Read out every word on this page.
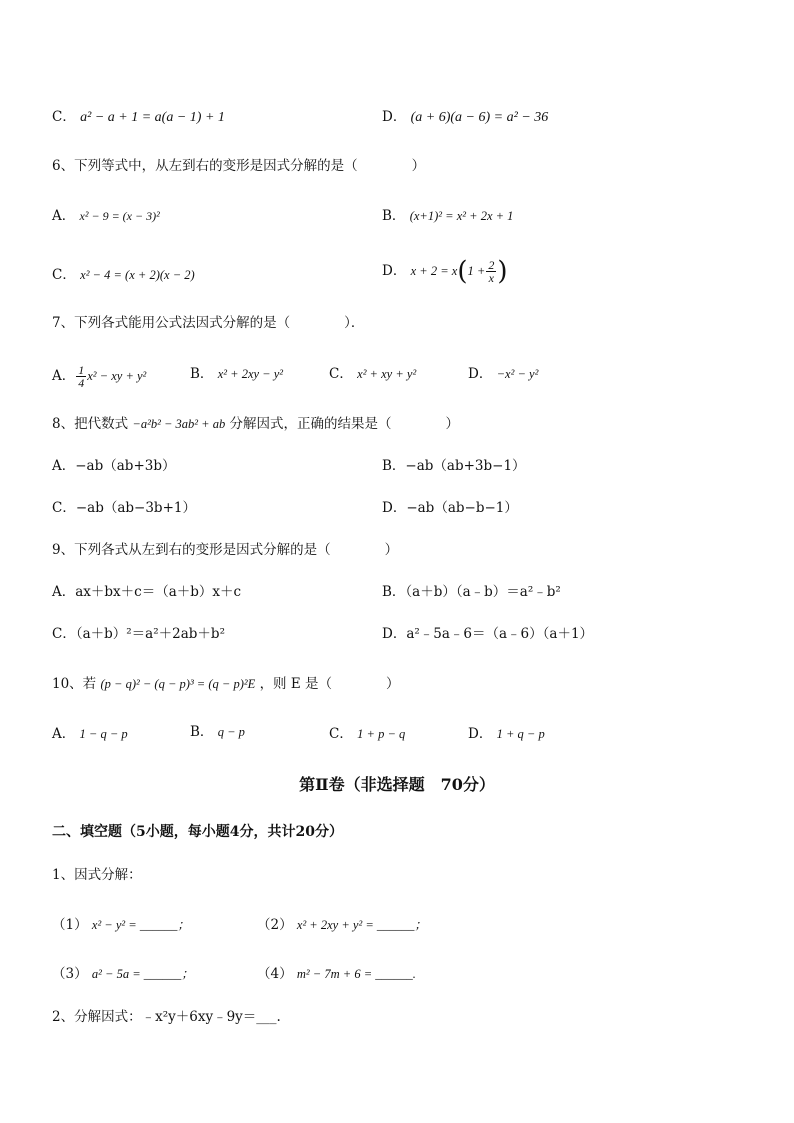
C． a² − a + 1 = a(a − 1) + 1	D． (a + 6)(a − 6) = a² − 36
6、下列等式中，从左到右的变形是因式分解的是（　　　　）
A． x² − 9 = (x − 3)²	B． (x+1)² = x² + 2x + 1
C． x² − 4 = (x + 2)(x − 2)	D． $x + 2 = x(1 + \frac{2}{x}$ )
7、下列各式能用公式法因式分解的是（　　　　）．
A． $\frac{1}{4} x^2$ − xy + y²	B． x² + 2xy − y²	C． x² + xy + y²	D． −x² − y²
8、把代数式 −a²b² − 3ab² + ab 分解因式，正确的结果是（　　　　）
A．−ab（ab+3b）	B．−ab（ab+3b−1）
C．−ab（ab−3b+1）	D．−ab（ab−b−1）
9、下列各式从左到右的变形是因式分解的是（　　　　）
A．ax＋bx＋c＝（a＋b）x＋c	B．（a＋b）（a﹣b）＝a²﹣b²
C．（a＋b）²＝a²＋2ab＋b²	D．a²﹣5a﹣6＝（a﹣6）（a＋1）
10、若 (p − q)² − (q − p)³ = (q − p)²E ，则 E 是（　　　　）
A． 1 − q − p	B． q − p	C． 1 + p − q	D． 1 + q − p
第Ⅱ卷（非选择题　70分）
二、填空题（5小题，每小题4分，共计20分）
1、因式分解：
（1） x² − y² = ______；	（2） x² + 2xy + y² = ______；
（3） a² − 5a = ______；	（4） m² − 7m + 6 = ______.
2、分解因式：﹣x²y＋6xy﹣9y＝___.
